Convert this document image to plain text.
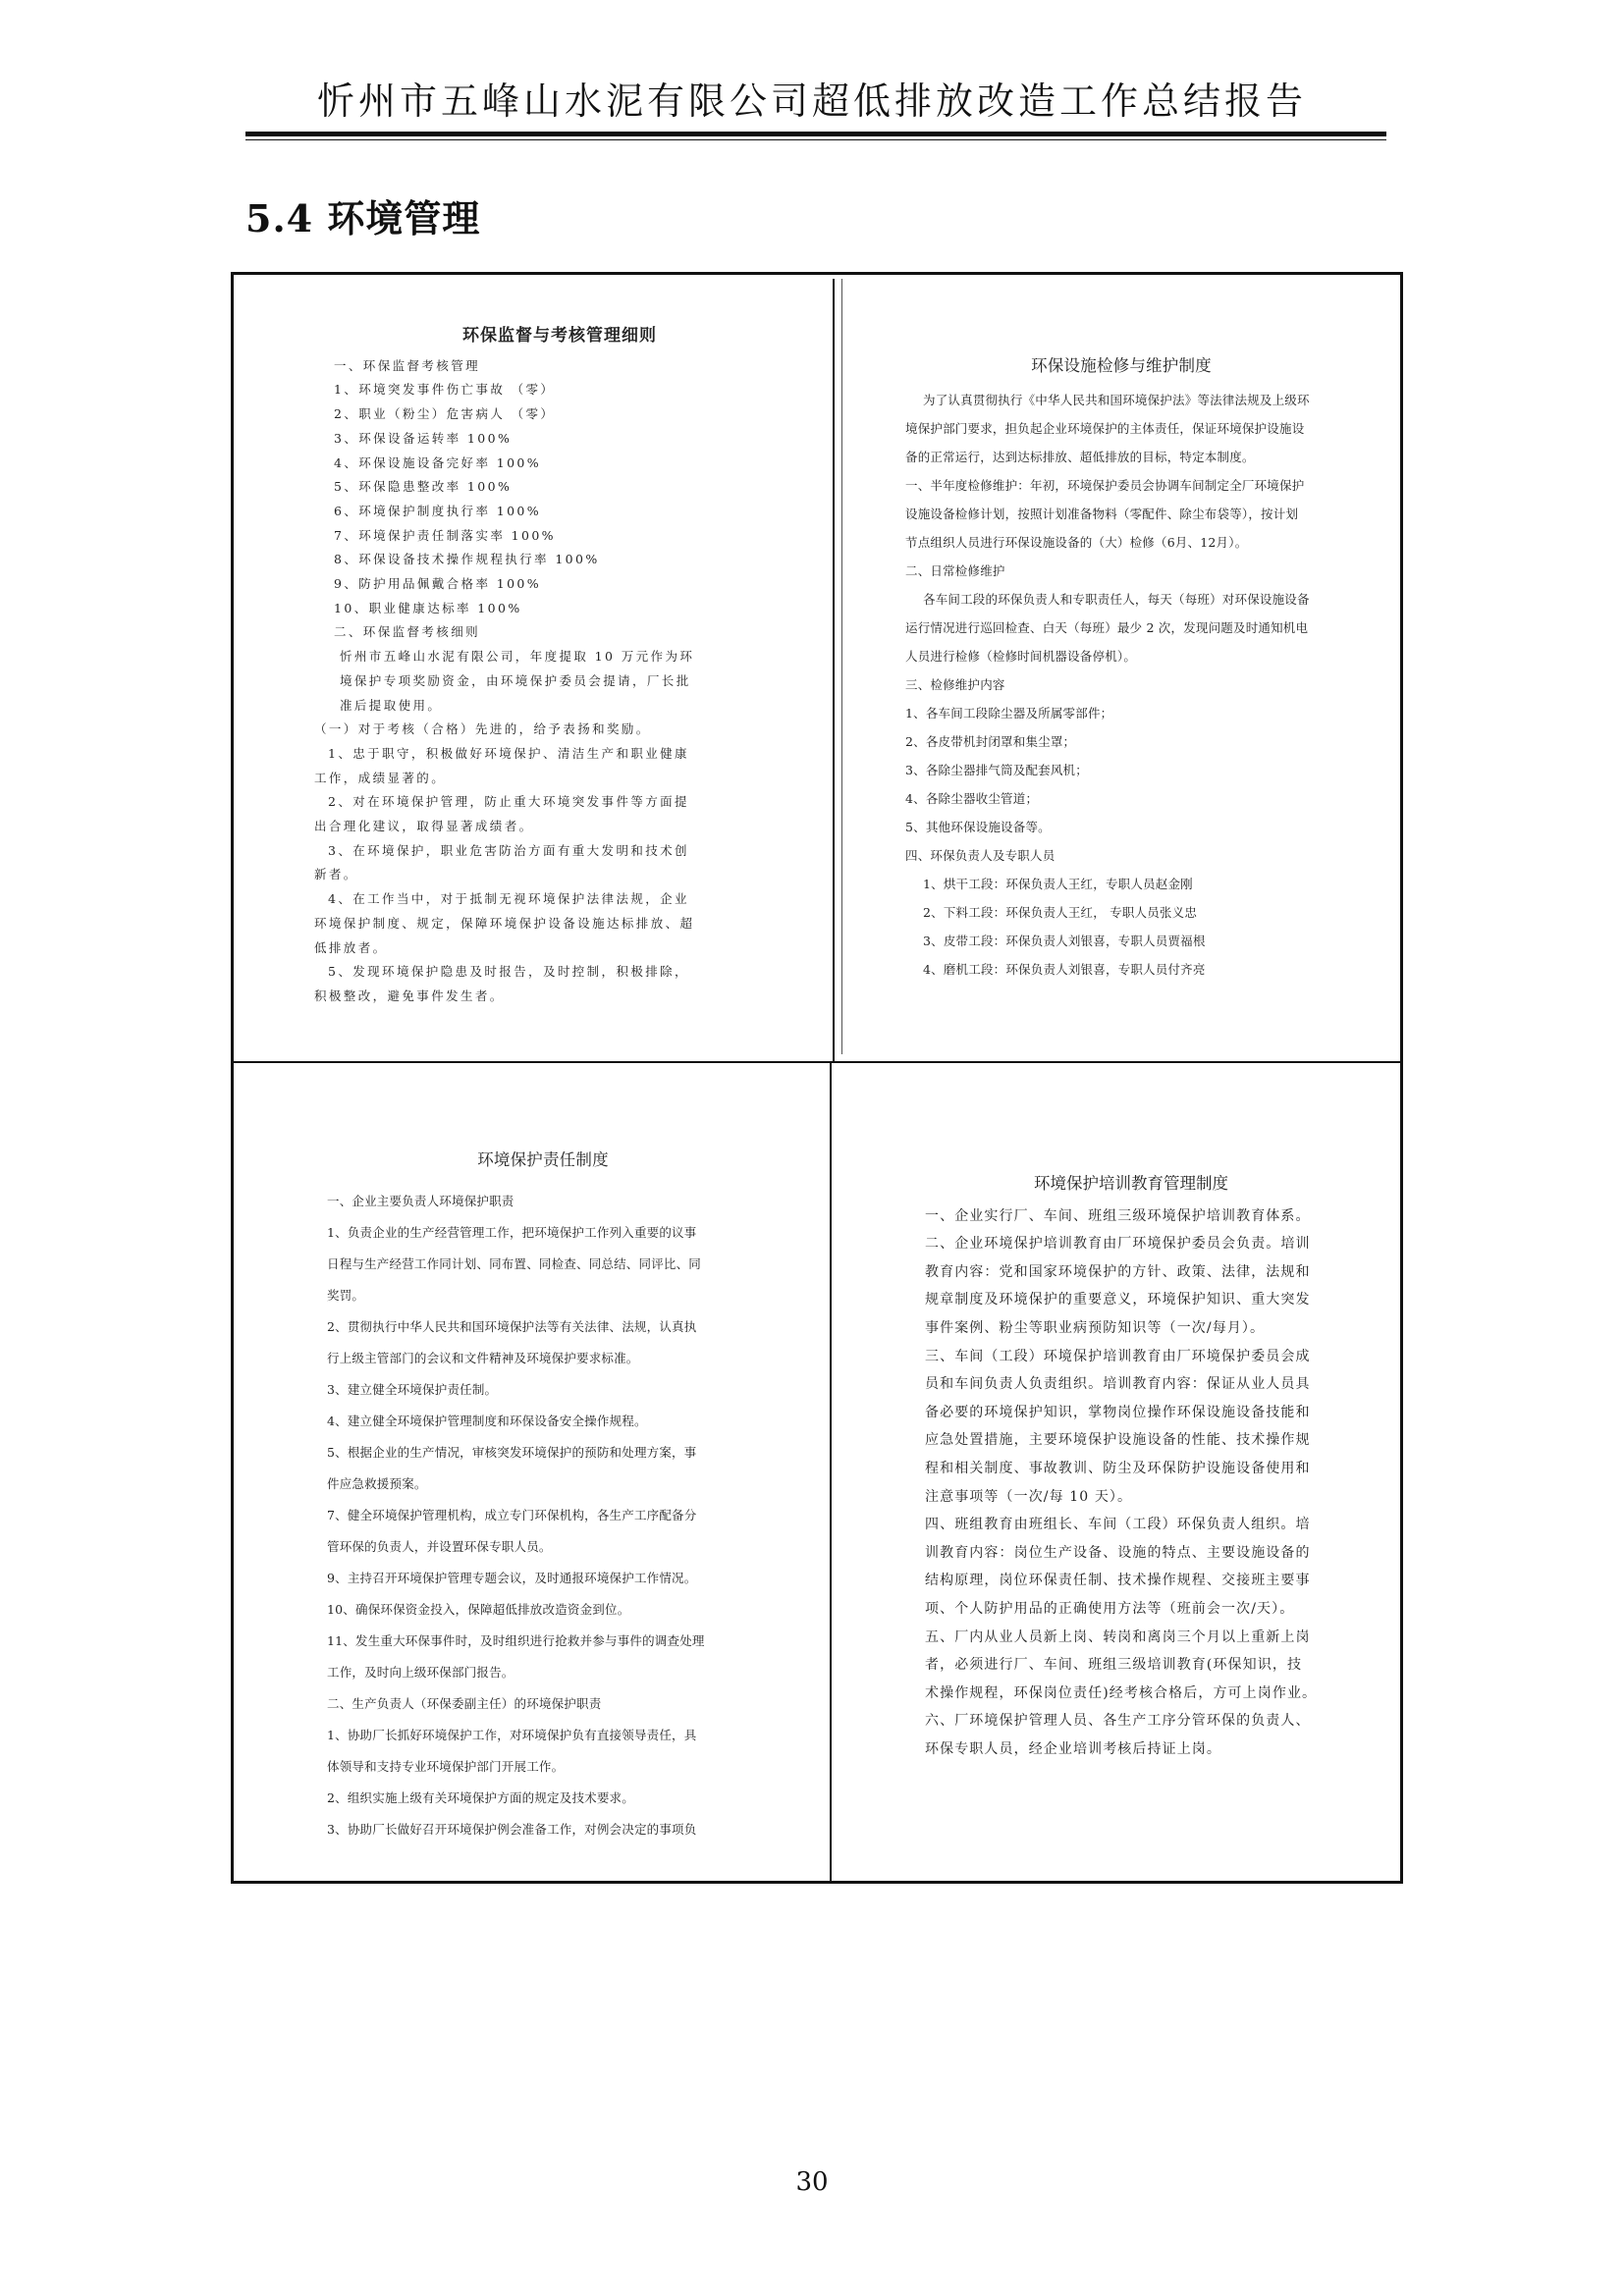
忻州市五峰山水泥有限公司超低排放改造工作总结报告
5.4 环境管理
环保监督与考核管理细则
一、环保监督考核管理
1、环境突发事件伤亡事故 （零）
2、职业（粉尘）危害病人 （零）
3、环保设备运转率 100%
4、环保设施设备完好率 100%
5、环保隐患整改率 100%
6、环境保护制度执行率 100%
7、环境保护责任制落实率 100%
8、环保设备技术操作规程执行率 100%
9、防护用品佩戴合格率 100%
10、职业健康达标率 100%
二、环保监督考核细则
忻州市五峰山水泥有限公司，年度提取 10 万元作为环
境保护专项奖励资金，由环境保护委员会提请，厂长批
准后提取使用。
（一）对于考核（合格）先进的，给予表扬和奖励。
1、忠于职守，积极做好环境保护、清洁生产和职业健康
工作，成绩显著的。
2、对在环境保护管理，防止重大环境突发事件等方面提
出合理化建议，取得显著成绩者。
3、在环境保护，职业危害防治方面有重大发明和技术创
新者。
4、在工作当中，对于抵制无视环境保护法律法规，企业
环境保护制度、规定，保障环境保护设备设施达标排放、超
低排放者。
5、发现环境保护隐患及时报告，及时控制，积极排除，
积极整改，避免事件发生者。
环保设施检修与维护制度
为了认真贯彻执行《中华人民共和国环境保护法》等法律法规及上级环
境保护部门要求，担负起企业环境保护的主体责任，保证环境保护设施设
备的正常运行，达到达标排放、超低排放的目标，特定本制度。
一、半年度检修维护：年初，环境保护委员会协调车间制定全厂环境保护
设施设备检修计划，按照计划准备物料（零配件、除尘布袋等），按计划
节点组织人员进行环保设施设备的（大）检修（6月、12月）。
二、日常检修维护
各车间工段的环保负责人和专职责任人，每天（每班）对环保设施设备
运行情况进行巡回检查、白天（每班）最少 2 次，发现问题及时通知机电
人员进行检修（检修时间机器设备停机）。
三、检修维护内容
1、各车间工段除尘器及所属零部件；
2、各皮带机封闭罩和集尘罩；
3、各除尘器排气筒及配套风机；
4、各除尘器收尘管道；
5、其他环保设施设备等。
四、环保负责人及专职人员
1、烘干工段：环保负责人王红，专职人员赵金刚
2、下料工段：环保负责人王红， 专职人员张义忠
3、皮带工段：环保负责人刘银喜，专职人员贾福根
4、磨机工段：环保负责人刘银喜，专职人员付齐亮
环境保护责任制度
一、企业主要负责人环境保护职责
1、负责企业的生产经营管理工作，把环境保护工作列入重要的议事
日程与生产经营工作同计划、同布置、同检查、同总结、同评比、同
奖罚。
2、贯彻执行中华人民共和国环境保护法等有关法律、法规，认真执
行上级主管部门的会议和文件精神及环境保护要求标准。
3、建立健全环境保护责任制。
4、建立健全环境保护管理制度和环保设备安全操作规程。
5、根据企业的生产情况，审核突发环境保护的预防和处理方案，事
件应急救援预案。
7、健全环境保护管理机构，成立专门环保机构，各生产工序配备分
管环保的负责人，并设置环保专职人员。
9、主持召开环境保护管理专题会议，及时通报环境保护工作情况。
10、确保环保资金投入，保障超低排放改造资金到位。
11、发生重大环保事件时，及时组织进行抢救并参与事件的调查处理
工作，及时向上级环保部门报告。
二、生产负责人（环保委副主任）的环境保护职责
1、协助厂长抓好环境保护工作，对环境保护负有直接领导责任，具
体领导和支持专业环境保护部门开展工作。
2、组织实施上级有关环境保护方面的规定及技术要求。
3、协助厂长做好召开环境保护例会准备工作，对例会决定的事项负
环境保护培训教育管理制度
一、企业实行厂、车间、班组三级环境保护培训教育体系。
二、企业环境保护培训教育由厂环境保护委员会负责。培训
教育内容：党和国家环境保护的方针、政策、法律，法规和
规章制度及环境保护的重要意义，环境保护知识、重大突发
事件案例、粉尘等职业病预防知识等（一次/每月）。
三、车间（工段）环境保护培训教育由厂环境保护委员会成
员和车间负责人负责组织。培训教育内容：保证从业人员具
备必要的环境保护知识，掌物岗位操作环保设施设备技能和
应急处置措施，主要环境保护设施设备的性能、技术操作规
程和相关制度、事故教训、防尘及环保防护设施设备使用和
注意事项等（一次/每 10 天）。
四、班组教育由班组长、车间（工段）环保负责人组织。培
训教育内容：岗位生产设备、设施的特点、主要设施设备的
结构原理，岗位环保责任制、技术操作规程、交接班主要事
项、个人防护用品的正确使用方法等（班前会一次/天）。
五、厂内从业人员新上岗、转岗和离岗三个月以上重新上岗
者，必须进行厂、车间、班组三级培训教育(环保知识，技
术操作规程，环保岗位责任)经考核合格后，方可上岗作业。
六、厂环境保护管理人员、各生产工序分管环保的负责人、
环保专职人员，经企业培训考核后持证上岗。
30
